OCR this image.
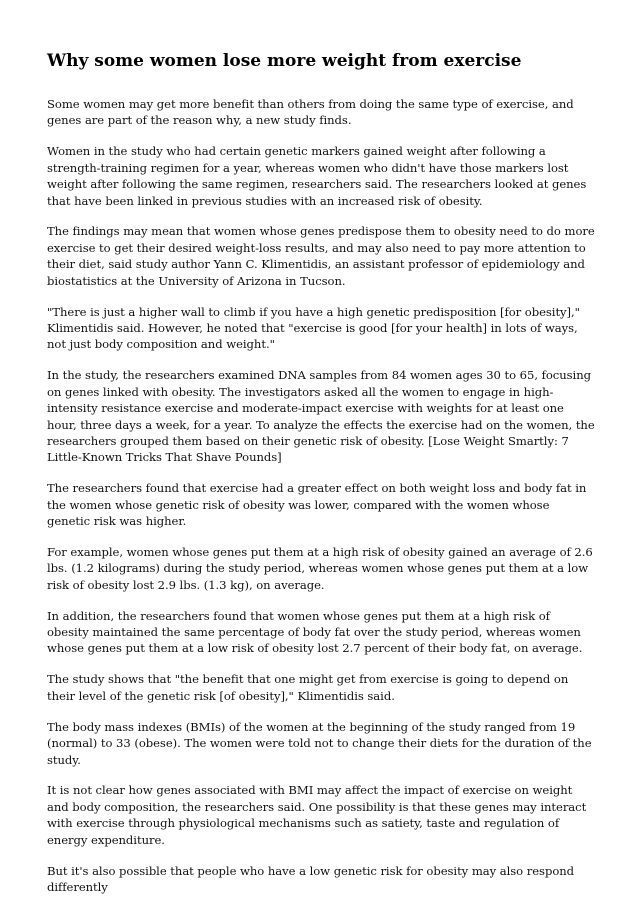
Why some women lose more weight from exercise

Some women may get more benefit than others from doing the same type of exercise, and genes are part of the reason why, a new study finds.

Women in the study who had certain genetic markers gained weight after following a strength-training regimen for a year, whereas women who didn't have those markers lost weight after following the same regimen, researchers said. The researchers looked at genes that have been linked in previous studies with an increased risk of obesity.

The findings may mean that women whose genes predispose them to obesity need to do more exercise to get their desired weight-loss results, and may also need to pay more attention to their diet, said study author Yann C. Klimentidis, an assistant professor of epidemiology and biostatistics at the University of Arizona in Tucson.

"There is just a higher wall to climb if you have a high genetic predisposition [for obesity]," Klimentidis said. However, he noted that "exercise is good [for your health] in lots of ways, not just body composition and weight."

In the study, the researchers examined DNA samples from 84 women ages 30 to 65, focusing on genes linked with obesity. The investigators asked all the women to engage in high-intensity resistance exercise and moderate-impact exercise with weights for at least one hour, three days a week, for a year. To analyze the effects the exercise had on the women, the researchers grouped them based on their genetic risk of obesity. [Lose Weight Smartly: 7 Little-Known Tricks That Shave Pounds]

The researchers found that exercise had a greater effect on both weight loss and body fat in the women whose genetic risk of obesity was lower, compared with the women whose genetic risk was higher.

For example, women whose genes put them at a high risk of obesity gained an average of 2.6 lbs. (1.2 kilograms) during the study period, whereas women whose genes put them at a low risk of obesity lost 2.9 lbs. (1.3 kg), on average.

In addition, the researchers found that women whose genes put them at a high risk of obesity maintained the same percentage of body fat over the study period, whereas women whose genes put them at a low risk of obesity lost 2.7 percent of their body fat, on average.

The study shows that "the benefit that one might get from exercise is going to depend on their level of the genetic risk [of obesity]," Klimentidis said.

The body mass indexes (BMIs) of the women at the beginning of the study ranged from 19 (normal) to 33 (obese). The women were told not to change their diets for the duration of the study.

It is not clear how genes associated with BMI may affect the impact of exercise on weight and body composition, the researchers said. One possibility is that these genes may interact with exercise through physiological mechanisms such as satiety, taste and regulation of energy expenditure.

But it's also possible that people who have a low genetic risk for obesity may also respond differently
